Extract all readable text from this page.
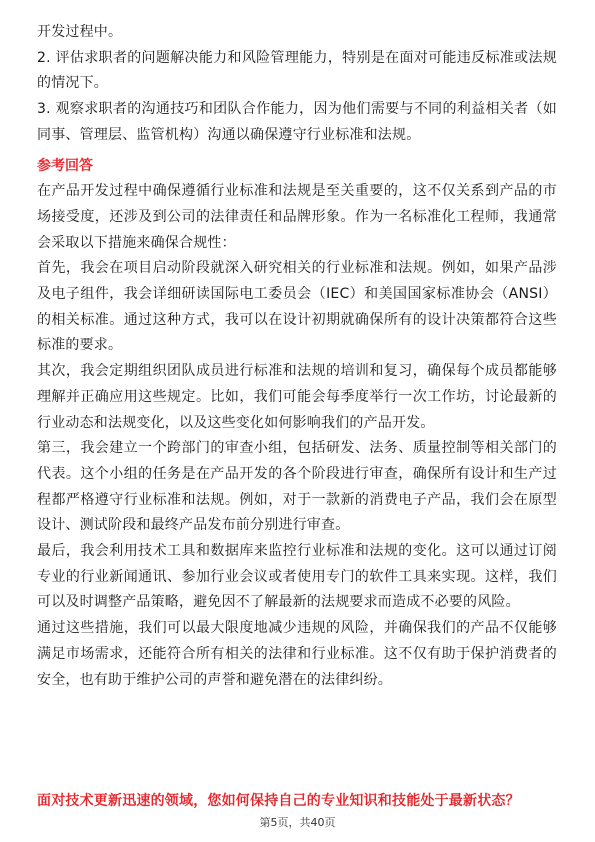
开发过程中。

2. 评估求职者的问题解决能力和风险管理能力，特别是在面对可能违反标准或法规的情况下。

3. 观察求职者的沟通技巧和团队合作能力，因为他们需要与不同的利益相关者（如同事、管理层、监管机构）沟通以确保遵守行业标准和法规。

参考回答

在产品开发过程中确保遵循行业标准和法规是至关重要的，这不仅关系到产品的市场接受度，还涉及到公司的法律责任和品牌形象。作为一名标准化工程师，我通常会采取以下措施来确保合规性：

首先，我会在项目启动阶段就深入研究相关的行业标准和法规。例如，如果产品涉及电子组件，我会详细研读国际电工委员会（IEC）和美国国家标准协会（ANSI）的相关标准。通过这种方式，我可以在设计初期就确保所有的设计决策都符合这些标准的要求。

其次，我会定期组织团队成员进行标准和法规的培训和复习，确保每个成员都能够理解并正确应用这些规定。比如，我们可能会每季度举行一次工作坊，讨论最新的行业动态和法规变化，以及这些变化如何影响我们的产品开发。

第三，我会建立一个跨部门的审查小组，包括研发、法务、质量控制等相关部门的代表。这个小组的任务是在产品开发的各个阶段进行审查，确保所有设计和生产过程都严格遵守行业标准和法规。例如，对于一款新的消费电子产品，我们会在原型设计、测试阶段和最终产品发布前分别进行审查。

最后，我会利用技术工具和数据库来监控行业标准和法规的变化。这可以通过订阅专业的行业新闻通讯、参加行业会议或者使用专门的软件工具来实现。这样，我们可以及时调整产品策略，避免因不了解最新的法规要求而造成不必要的风险。

通过这些措施，我们可以最大限度地减少违规的风险，并确保我们的产品不仅能够满足市场需求，还能符合所有相关的法律和行业标准。这不仅有助于保护消费者的安全，也有助于维护公司的声誉和避免潜在的法律纠纷。

面对技术更新迅速的领域，您如何保持自己的专业知识和技能处于最新状态？
第5页，共40页
